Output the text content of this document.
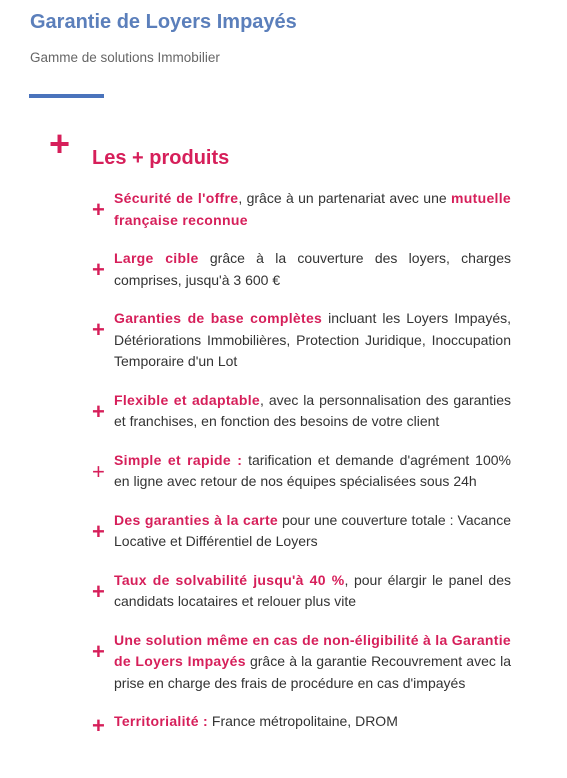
Garantie de Loyers Impayés
Gamme de solutions Immobilier
+ Les + produits
+ Sécurité de l'offre, grâce à un partenariat avec une mutuelle française reconnue
+ Large cible grâce à la couverture des loyers, charges comprises, jusqu'à 3 600 €
+ Garanties de base complètes incluant les Loyers Impayés, Détériorations Immobilières, Protection Juridique, Inoccupation Temporaire d'un Lot
+ Flexible et adaptable, avec la personnalisation des garanties et franchises, en fonction des besoins de votre client
+ Simple et rapide : tarification et demande d'agrément 100% en ligne avec retour de nos équipes spécialisées sous 24h
+ Des garanties à la carte pour une couverture totale : Vacance Locative et Différentiel de Loyers
+ Taux de solvabilité jusqu'à 40 %, pour élargir le panel des candidats locataires et relouer plus vite
+ Une solution même en cas de non-éligibilité à la Garantie de Loyers Impayés grâce à la garantie Recouvrement avec la prise en charge des frais de procédure en cas d'impayés
+ Territorialité : France métropolitaine, DROM
